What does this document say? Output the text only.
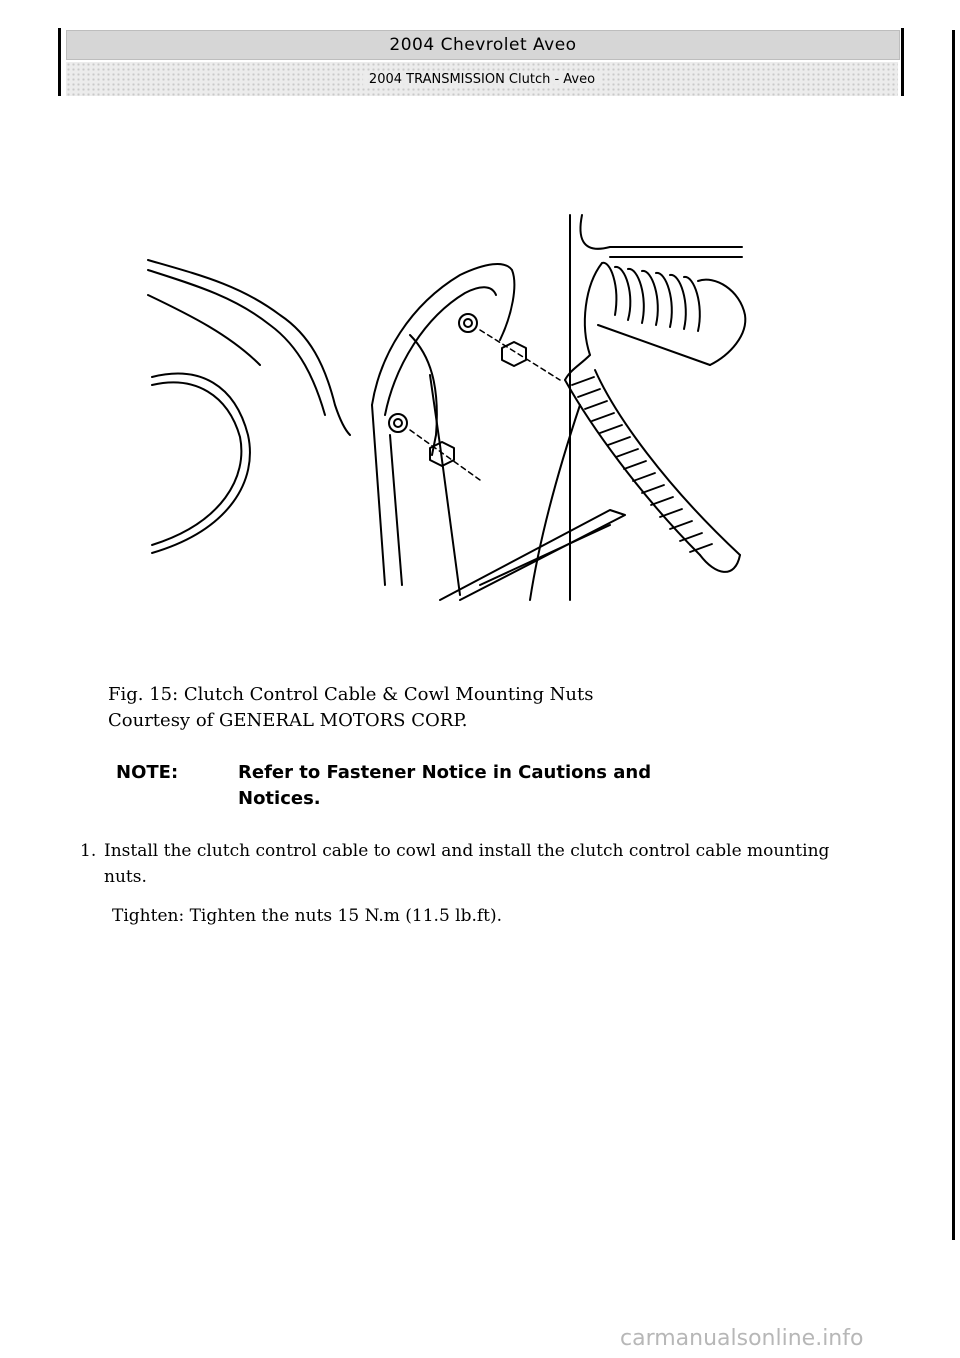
2004 Chevrolet Aveo
2004 TRANSMISSION Clutch - Aveo
Fig. 15: Clutch Control Cable & Cowl Mounting Nuts
Courtesy of GENERAL MOTORS CORP.
NOTE:	Refer to Fastener Notice in Cautions and Notices.
1. Install the clutch control cable to cowl and install the clutch control cable mounting nuts.
Tighten: Tighten the nuts 15 N.m (11.5 lb.ft).
carmanualsonline.info
